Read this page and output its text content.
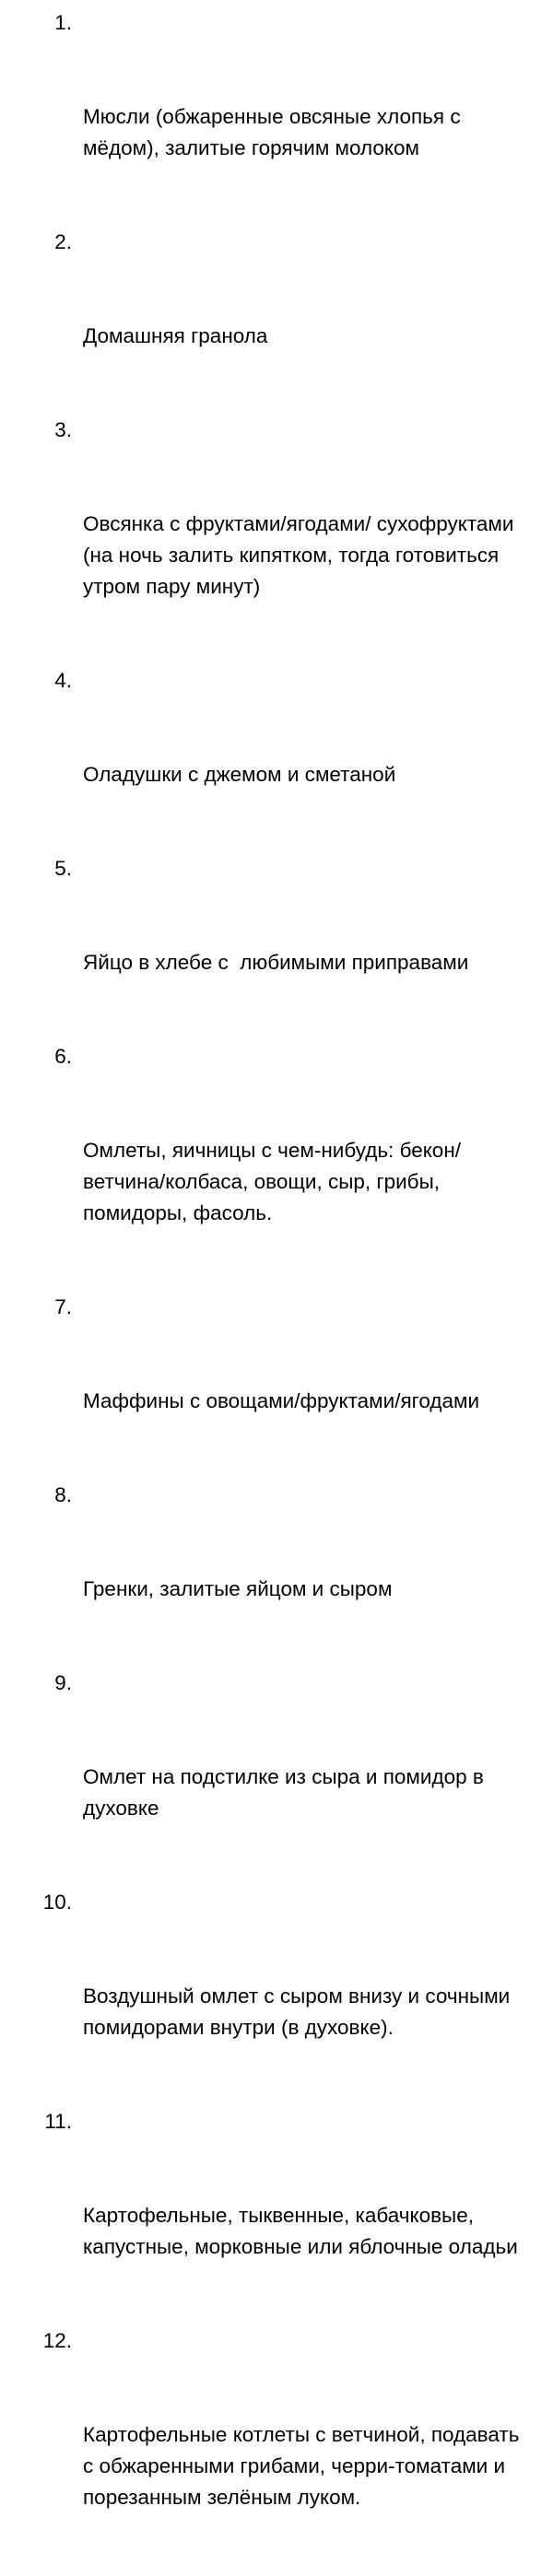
1.

Мюсли (обжаренные овсяные хлопья с мёдом), залитые горячим молоком

2.

Домашняя гранола

3.

Овсянка с фруктами/ягодами/ сухофруктами (на ночь залить кипятком, тогда готовиться утром пару минут)

4.

Оладушки с джемом и сметаной

5.

Яйцо в хлебе с  любимыми приправами

6.

Омлеты, яичницы с чем-нибудь: бекон/ ветчина/колбаса, овощи, сыр, грибы, помидоры, фасоль.

7.

Маффины с овощами/фруктами/ягодами

8.

Гренки, залитые яйцом и сыром

9.

Омлет на подстилке из сыра и помидор в духовке

10.

Воздушный омлет с сыром внизу и сочными помидорами внутри (в духовке).

11.

Картофельные, тыквенные, кабачковые, капустные, морковные или яблочные оладьи

12.

Картофельные котлеты с ветчиной, подавать с обжаренными грибами, черри-томатами и порезанным зелёным луком.
